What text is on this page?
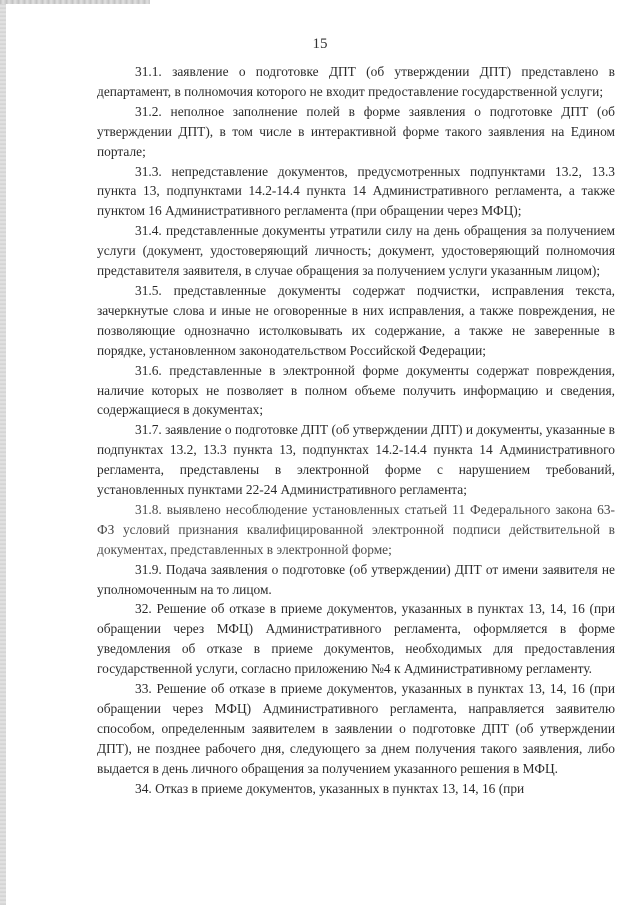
15

31.1. заявление о подготовке ДПТ (об утверждении ДПТ) представлено в департамент, в полномочия которого не входит предоставление государственной услуги;

31.2. неполное заполнение полей в форме заявления о подготовке ДПТ (об утверждении ДПТ), в том числе в интерактивной форме такого заявления на Едином портале;

31.3. непредставление документов, предусмотренных подпунктами 13.2, 13.3 пункта 13, подпунктами 14.2-14.4 пункта 14 Административного регламента, а также пунктом 16 Административного регламента (при обращении через МФЦ);

31.4. представленные документы утратили силу на день обращения за получением услуги (документ, удостоверяющий личность; документ, удостоверяющий полномочия представителя заявителя, в случае обращения за получением услуги указанным лицом);

31.5. представленные документы содержат подчистки, исправления текста, зачеркнутые слова и иные не оговоренные в них исправления, а также повреждения, не позволяющие однозначно истолковывать их содержание, а также не заверенные в порядке, установленном законодательством Российской Федерации;

31.6. представленные в электронной форме документы содержат повреждения, наличие которых не позволяет в полном объеме получить информацию и сведения, содержащиеся в документах;

31.7. заявление о подготовке ДПТ (об утверждении ДПТ) и документы, указанные в подпунктах 13.2, 13.3 пункта 13, подпунктах 14.2-14.4 пункта 14 Административного регламента, представлены в электронной форме с нарушением требований, установленных пунктами 22-24 Административного регламента;

31.8. выявлено несоблюдение установленных статьей 11 Федерального закона 63-ФЗ условий признания квалифицированной электронной подписи действительной в документах, представленных в электронной форме;

31.9. Подача заявления о подготовке (об утверждении) ДПТ от имени заявителя не уполномоченным на то лицом.

32. Решение об отказе в приеме документов, указанных в пунктах 13, 14, 16 (при обращении через МФЦ) Административного регламента, оформляется в форме уведомления об отказе в приеме документов, необходимых для предоставления государственной услуги, согласно приложению №4 к Административному регламенту.

33. Решение об отказе в приеме документов, указанных в пунктах 13, 14, 16 (при обращении через МФЦ) Административного регламента, направляется заявителю способом, определенным заявителем в заявлении о подготовке ДПТ (об утверждении ДПТ), не позднее рабочего дня, следующего за днем получения такого заявления, либо выдается в день личного обращения за получением указанного решения в МФЦ.

34. Отказ в приеме документов, указанных в пунктах 13, 14, 16 (при
